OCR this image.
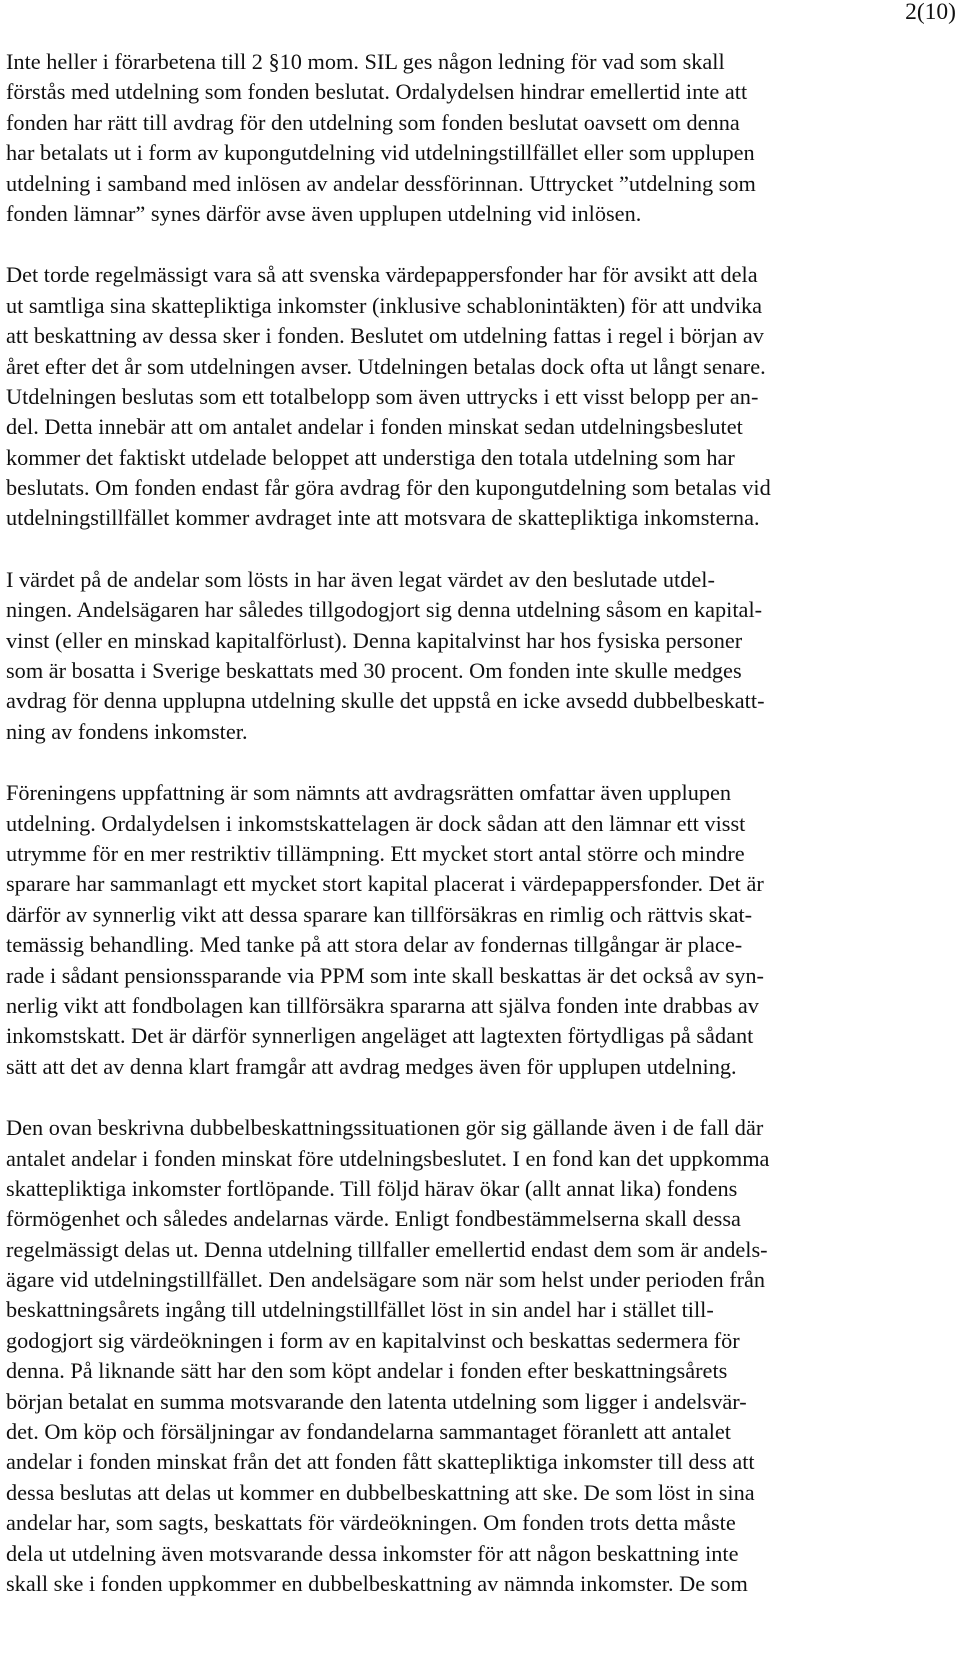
2(10)
Inte heller i förarbetena till 2 §10 mom. SIL ges någon ledning för vad som skall
förstås med utdelning som fonden beslutat. Ordalydelsen hindrar emellertid inte att
fonden har rätt till avdrag för den utdelning som fonden beslutat oavsett om denna
har betalats ut i form av kupongutdelning vid utdelningstillfället eller som upplupen
utdelning i samband med inlösen av andelar dessförinnan. Uttrycket ”utdelning som
fonden lämnar” synes därför avse även upplupen utdelning vid inlösen.
Det torde regelmässigt vara så att svenska värdepappersfonder har för avsikt att dela
ut samtliga sina skattepliktiga inkomster (inklusive schablonintäkten) för att undvika
att beskattning av dessa sker i fonden. Beslutet om utdelning fattas i regel i början av
året efter det år som utdelningen avser. Utdelningen betalas dock ofta ut långt senare.
Utdelningen beslutas som ett totalbelopp som även uttrycks i ett visst belopp per an-
del. Detta innebär att om antalet andelar i fonden minskat sedan utdelningsbeslutet
kommer det faktiskt utdelade beloppet att understiga den totala utdelning som har
beslutats. Om fonden endast får göra avdrag för den kupongutdelning som betalas vid
utdelningstillfället kommer avdraget inte att motsvara de skattepliktiga inkomsterna.
I värdet på de andelar som lösts in har även legat värdet av den beslutade utdel-
ningen. Andelsägaren har således tillgodogjort sig denna utdelning såsom en kapital-
vinst (eller en minskad kapitalförlust). Denna kapitalvinst har hos fysiska personer
som är bosatta i Sverige beskattats med 30 procent. Om fonden inte skulle medges
avdrag för denna upplupna utdelning skulle det uppstå en icke avsedd dubbelbeskatt-
ning av fondens inkomster.
Föreningens uppfattning är som nämnts att avdragsrätten omfattar även upplupen
utdelning. Ordalydelsen i inkomstskattelagen är dock sådan att den lämnar ett visst
utrymme för en mer restriktiv tillämpning. Ett mycket stort antal större och mindre
sparare har sammanlagt ett mycket stort kapital placerat i värdepappersfonder. Det är
därför av synnerlig vikt att dessa sparare kan tillförsäkras en rimlig och rättvis skat-
temässig behandling. Med tanke på att stora delar av fondernas tillgångar är place-
rade i sådant pensionssparande via PPM som inte skall beskattas är det också av syn-
nerlig vikt att fondbolagen kan tillförsäkra spararna att själva fonden inte drabbas av
inkomstskatt. Det är därför synnerligen angeläget att lagtexten förtydligas på sådant
sätt att det av denna klart framgår att avdrag medges även för upplupen utdelning.
Den ovan beskrivna dubbelbeskattningssituationen gör sig gällande även i de fall där
antalet andelar i fonden minskat före utdelningsbeslutet. I en fond kan det uppkomma
skattepliktiga inkomster fortlöpande. Till följd härav ökar (allt annat lika) fondens
förmögenhet och således andelarnas värde. Enligt fondbestämmelserna skall dessa
regelmässigt delas ut. Denna utdelning tillfaller emellertid endast dem som är andels-
ägare vid utdelningstillfället. Den andelsägare som när som helst under perioden från
beskattningsårets ingång till utdelningstillfället löst in sin andel har i stället till-
godogjort sig värdeökningen i form av en kapitalvinst och beskattas sedermera för
denna. På liknande sätt har den som köpt andelar i fonden efter beskattningsårets
början betalat en summa motsvarande den latenta utdelning som ligger i andelsvär-
det. Om köp och försäljningar av fondandelarna sammantaget föranlett att antalet
andelar i fonden minskat från det att fonden fått skattepliktiga inkomster till dess att
dessa beslutas att delas ut kommer en dubbelbeskattning att ske. De som löst in sina
andelar har, som sagts, beskattats för värdeökningen. Om fonden trots detta måste
dela ut utdelning även motsvarande dessa inkomster för att någon beskattning inte
skall ske i fonden uppkommer en dubbelbeskattning av nämnda inkomster. De som
